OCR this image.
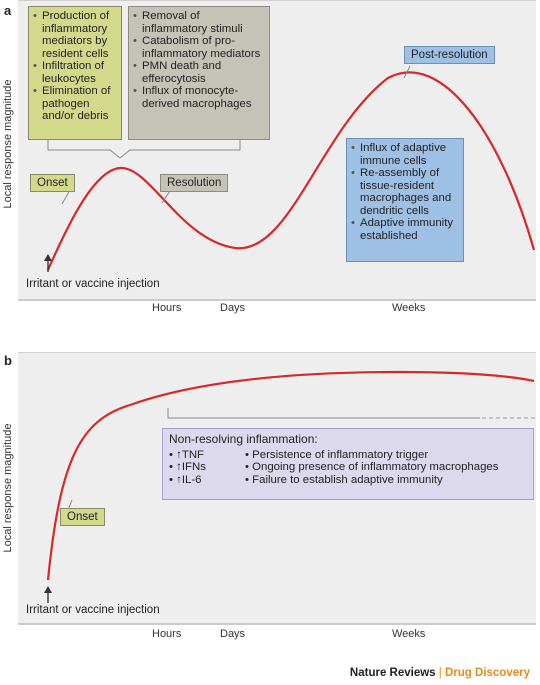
a
b
Local response magnitude
Local response magnitude
• Production of inflammatory mediators by resident cells
• Infiltration of leukocytes
• Elimination of pathogen and/or debris
• Removal of inflammatory stimuli
• Catabolism of pro-inflammatory mediators
• PMN death and efferocytosis
• Influx of monocyte-derived macrophages
• Influx of adaptive immune cells
• Re-assembly of tissue-resident macrophages and dendritic cells
• Adaptive immunity established
Onset	Resolution
Post-resolution
Irritant or vaccine injection
Hours	Days	Weeks
Non-resolving inflammation:
• ↑TNF
• ↑IFNs
• ↑IL-6
• Persistence of inflammatory trigger
• Ongoing presence of inflammatory macrophages
• Failure to establish adaptive immunity
Onset
Irritant or vaccine injection
Hours	Days	Weeks
Nature Reviews | Drug Discovery
